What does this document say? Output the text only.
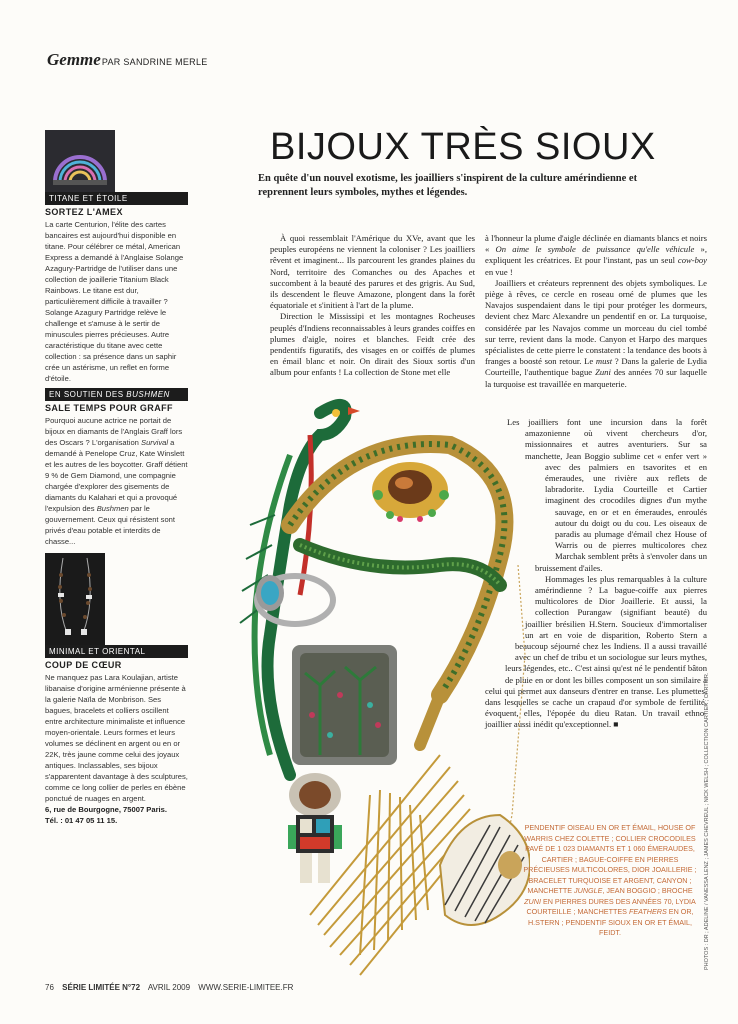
GemmePAR SANDRINE MERLE
TITANE ET ÉTOILE
SORTEZ L'AMEX
La carte Centurion, l'élite des cartes bancaires est aujourd'hui disponible en titane. Pour célébrer ce métal, American Express a demandé à l'Anglaise Solange Azagury-Partridge de l'utiliser dans une collection de joaillerie Titanium Black Rainbows. Le titane est dur, particulièrement difficile à travailler ? Solange Azagury Partridge relève le challenge et s'amuse à le sertir de minuscules pierres précieuses. Autre caractéristique du titane avec cette collection : sa présence dans un saphir crée un astérisme, un reflet en forme d'étoile.
EN SOUTIEN DES BUSHMEN
SALE TEMPS POUR GRAFF
Pourquoi aucune actrice ne portait de bijoux en diamants de l'Anglais Graff lors des Oscars ? L'organisation Survival a demandé à Penelope Cruz, Kate Winslett et les autres de les boycotter. Graff détient 9 % de Gem Diamond, une compagnie chargée d'explorer des gisements de diamants du Kalahari et qui a provoqué l'expulsion des Bushmen par le gouvernement. Ceux qui résistent sont privés d'eau potable et interdits de chasse...
MINIMAL ET ORIENTAL
COUP DE CŒUR
Ne manquez pas Lara Koulajian, artiste libanaise d'origine arménienne présente à la galerie Naïla de Monbrison. Ses bagues, bracelets et colliers oscillent entre architecture minimaliste et influence moyen-orientale. Leurs formes et leurs volumes se déclinent en argent ou en or 22K, très jaune comme celui des joyaux antiques. Inclassables, ses bijoux s'apparentent davantage à des sculptures, comme ce long collier de perles en ébène ponctué de nuages en argent.
6, rue de Bourgogne, 75007 Paris.
Tél. : 01 47 05 11 15.
BIJOUX TRÈS SIOUX
En quête d'un nouvel exotisme, les joailliers s'inspirent de la culture amérindienne et reprennent leurs symboles, mythes et légendes.

À quoi ressemblait l'Amérique du XVe, avant que les peuples européens ne viennent la coloniser ? Les joailliers rêvent et imaginent... Ils parcourent les grandes plaines du Nord, territoire des Comanches ou des Apaches et succombent à la beauté des parures et des grigris. Au Sud, ils descendent le fleuve Amazone, plongent dans la forêt équatoriale et s'initient à l'art de la plume.

Direction le Mississipi et les montagnes Rocheuses peuplés d'Indiens reconnaissables à leurs grandes coiffes en plumes d'aigle, noires et blanches. Feidt crée des pendentifs figuratifs, des visages en or coiffés de plumes en émail blanc et noir. On dirait des Sioux sortis d'un album pour enfants ! La collection de Stone met elle

à l'honneur la plume d'aigle déclinée en diamants blancs et noirs « On aime le symbole de puissance qu'elle véhicule », expliquent les créatrices. Et pour l'instant, pas un seul cow-boy en vue !

Joailliers et créateurs reprennent des objets symboliques. Le piège à rêves, ce cercle en roseau orné de plumes que les Navajos suspendaient dans le tipi pour protéger les dormeurs, devient chez Marc Alexandre un pendentif en or. La turquoise, considérée par les Navajos comme un morceau du ciel tombé sur terre, revient dans la mode. Canyon et Harpo des marques spécialistes de cette pierre le constatent : la tendance des boots à franges a boosté son retour. Le must ? Dans la galerie de Lydia Courteille, l'authentique bague Zuni des années 70 sur laquelle la turquoise est travaillée en marqueterie.

Les joailliers font une incursion dans la forêt amazonienne où vivent chercheurs d'or, missionnaires et autres aventuriers. Sur sa manchette, Jean Boggio sublime cet « enfer vert » avec des palmiers en tsavorites et en émeraudes, une rivière aux reflets de labradorite. Lydia Courteille et Cartier imaginent des crocodiles dignes d'un mythe sauvage, en or et en émeraudes, enroulés autour du doigt ou du cou. Les oiseaux de paradis au plumage d'émail chez House of Warris ou de pierres multicolores chez Marchak semblent prêts à s'envoler dans un bruissement d'ailes.

Hommages les plus remarquables à la culture amérindienne ? La bague-coiffe aux pierres multicolores de Dior Joaillerie. Et aussi, la collection Purangaw (signifiant beauté) du joaillier brésilien H.Stern. Soucieux d'immortaliser un art en voie de disparition, Roberto Stern a beaucoup séjourné chez les Indiens. Il a aussi travaillé avec un chef de tribu et un sociologue sur leurs mythes, leurs légendes, etc.. C'est ainsi qu'est né le pendentif bâton de pluie en or dont les billes composent un son similaire à celui qui permet aux danseurs d'entrer en transe. Les plumettes, dans lesquelles se cache un crapaud d'or symbole de fertilité, évoquent, elles, l'épopée du dieu Ratan. Un travail ethno-joaillier aussi inédit qu'exceptionnel. ■

PENDENTIF OISEAU EN OR ET ÉMAIL, HOUSE OF WARRIS CHEZ COLETTE ; COLLIER CROCODILES PAVÉ DE 1 023 DIAMANTS ET 1 060 ÉMERAUDES, CARTIER ; BAGUE-COIFFE EN PIERRES PRÉCIEUSES MULTICOLORES, DIOR JOAILLERIE ; BRACELET TURQUOISE ET ARGENT, CANYON ; MANCHETTE JUNGLE, JEAN BOGGIO ; BROCHE ZUNI EN PIERRES DURES DES ANNÉES 70, LYDIA COURTEILLE ; MANCHETTES FEATHERS EN OR, H.STERN ; PENDENTIF SIOUX EN OR ET ÉMAIL, FEIDT.	PHOTOS : DR ; ADELINE / VANESSA LENZ ; JAMES CHEVREUL ; NICK WELSH ; COLLECTION CARTIER ; CARTIER.
76 SÉRIE LIMITÉE N°72 AVRIL 2009 WWW.SERIE-LIMITEE.FR
